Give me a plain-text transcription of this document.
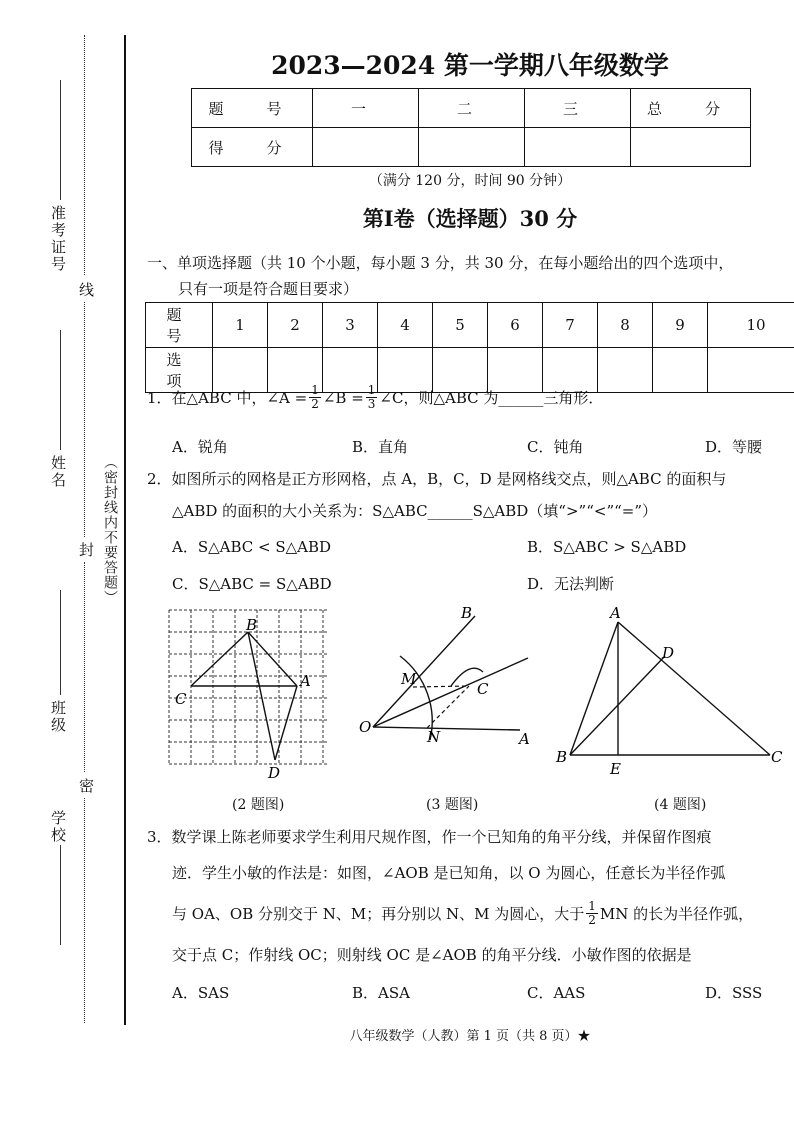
准考证号
姓名
班级
学校
线
封
密
（密封线内不要答题）
2023—2024 第一学期八年级数学
题　号	一	二	三	总　分
得　分				
（满分 120 分，时间 90 分钟）
第Ⅰ卷（选择题）30 分
一、单项选择题（共 10 个小题，每小题 3 分，共 30 分，在每小题给出的四个选项中，
只有一项是符合题目要求）
题　号	1	2	3	4	5	6	7	8	9	10
选　项										
1．在△ABC 中，∠A = $\frac{1}{2}$ ∠B = $\frac{1}{3}$ ∠C，则△ABC 为______三角形．
A．锐角	B．直角	C．钝角	D．等腰
2．如图所示的网格是正方形网格，点 A，B，C，D 是网格线交点，则△ABC 的面积与
△ABD 的面积的大小关系为：S△ABC______S△ABD（填“>”“<”“=”）
A．S△ABC < S△ABD	B．S△ABC > S△ABD
C．S△ABC = S△ABD	D．无法判断
B
C
A
D
B
M
C
O
N	A
A
D
B
E
C
(2 题图)	(3 题图)	(4 题图)
3．数学课上陈老师要求学生利用尺规作图，作一个已知角的角平分线，并保留作图痕
迹．学生小敏的作法是：如图，∠AOB 是已知角，以 O 为圆心，任意长为半径作弧
与 OA、OB 分别交于 N、M；再分别以 N、M 为圆心，大于 1
2 MN 的长为半径作弧，
交于点 C；作射线 OC；则射线 OC 是∠AOB 的角平分线．小敏作图的依据是
A．SAS	B．ASA	C．AAS	D．SSS
八年级数学（人教）第 1 页（共 8 页）★
